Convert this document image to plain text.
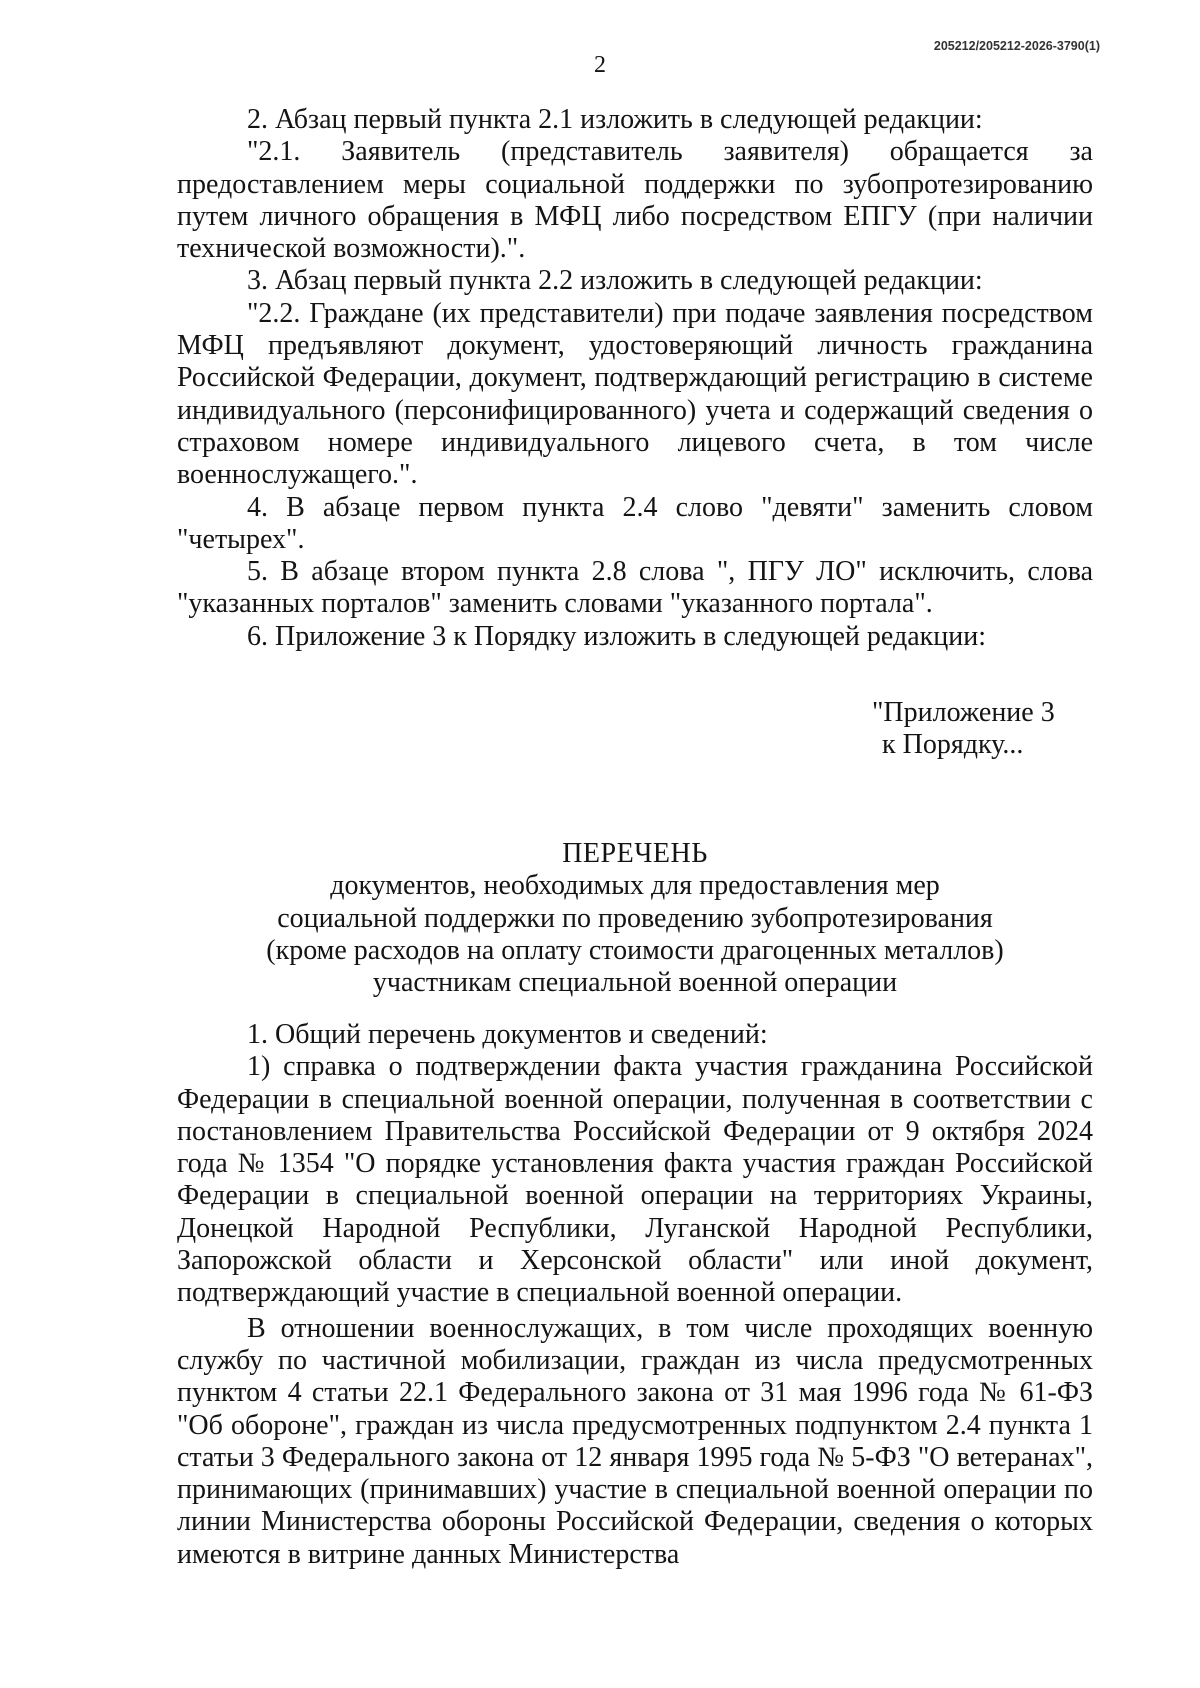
205212/205212-2026-3790(1)
2

2. Абзац первый пункта 2.1 изложить в следующей редакции:

"2.1. Заявитель (представитель заявителя) обращается за предоставлением меры социальной поддержки по зубопротезированию путем личного обращения в МФЦ либо посредством ЕПГУ (при наличии технической возможности).".

3. Абзац первый пункта 2.2 изложить в следующей редакции:

"2.2. Граждане (их представители) при подаче заявления посредством МФЦ предъявляют документ, удостоверяющий личность гражданина Российской Федерации, документ, подтверждающий регистрацию в системе индивидуального (персонифицированного) учета и содержащий сведения о страховом номере индивидуального лицевого счета, в том числе военнослужащего.".

4. В абзаце первом пункта 2.4 слово "девяти" заменить словом "четырех".

5. В абзаце втором пункта 2.8 слова ", ПГУ ЛО" исключить, слова "указанных порталов" заменить словами "указанного портала".

6. Приложение 3 к Порядку изложить в следующей редакции:

"Приложение 3
к Порядку...
ПЕРЕЧЕНЬ
документов, необходимых для предоставления мер
социальной поддержки по проведению зубопротезирования
(кроме расходов на оплату стоимости драгоценных металлов)
участникам специальной военной операции

1. Общий перечень документов и сведений:

1) справка о подтверждении факта участия гражданина Российской Федерации в специальной военной операции, полученная в соответствии с постановлением Правительства Российской Федерации от 9 октября 2024 года № 1354 "О порядке установления факта участия граждан Российской Федерации в специальной военной операции на территориях Украины, Донецкой Народной Республики, Луганской Народной Республики, Запорожской области и Херсонской области" или иной документ, подтверждающий участие в специальной военной операции.

В отношении военнослужащих, в том числе проходящих военную службу по частичной мобилизации, граждан из числа предусмотренных пунктом 4 статьи 22.1 Федерального закона от 31 мая 1996 года № 61-ФЗ "Об обороне", граждан из числа предусмотренных подпунктом 2.4 пункта 1 статьи 3 Федерального закона от 12 января 1995 года № 5-ФЗ "О ветеранах", принимающих (принимавших) участие в специальной военной операции по линии Министерства обороны Российской Федерации, сведения о которых имеются в витрине данных Министерства
